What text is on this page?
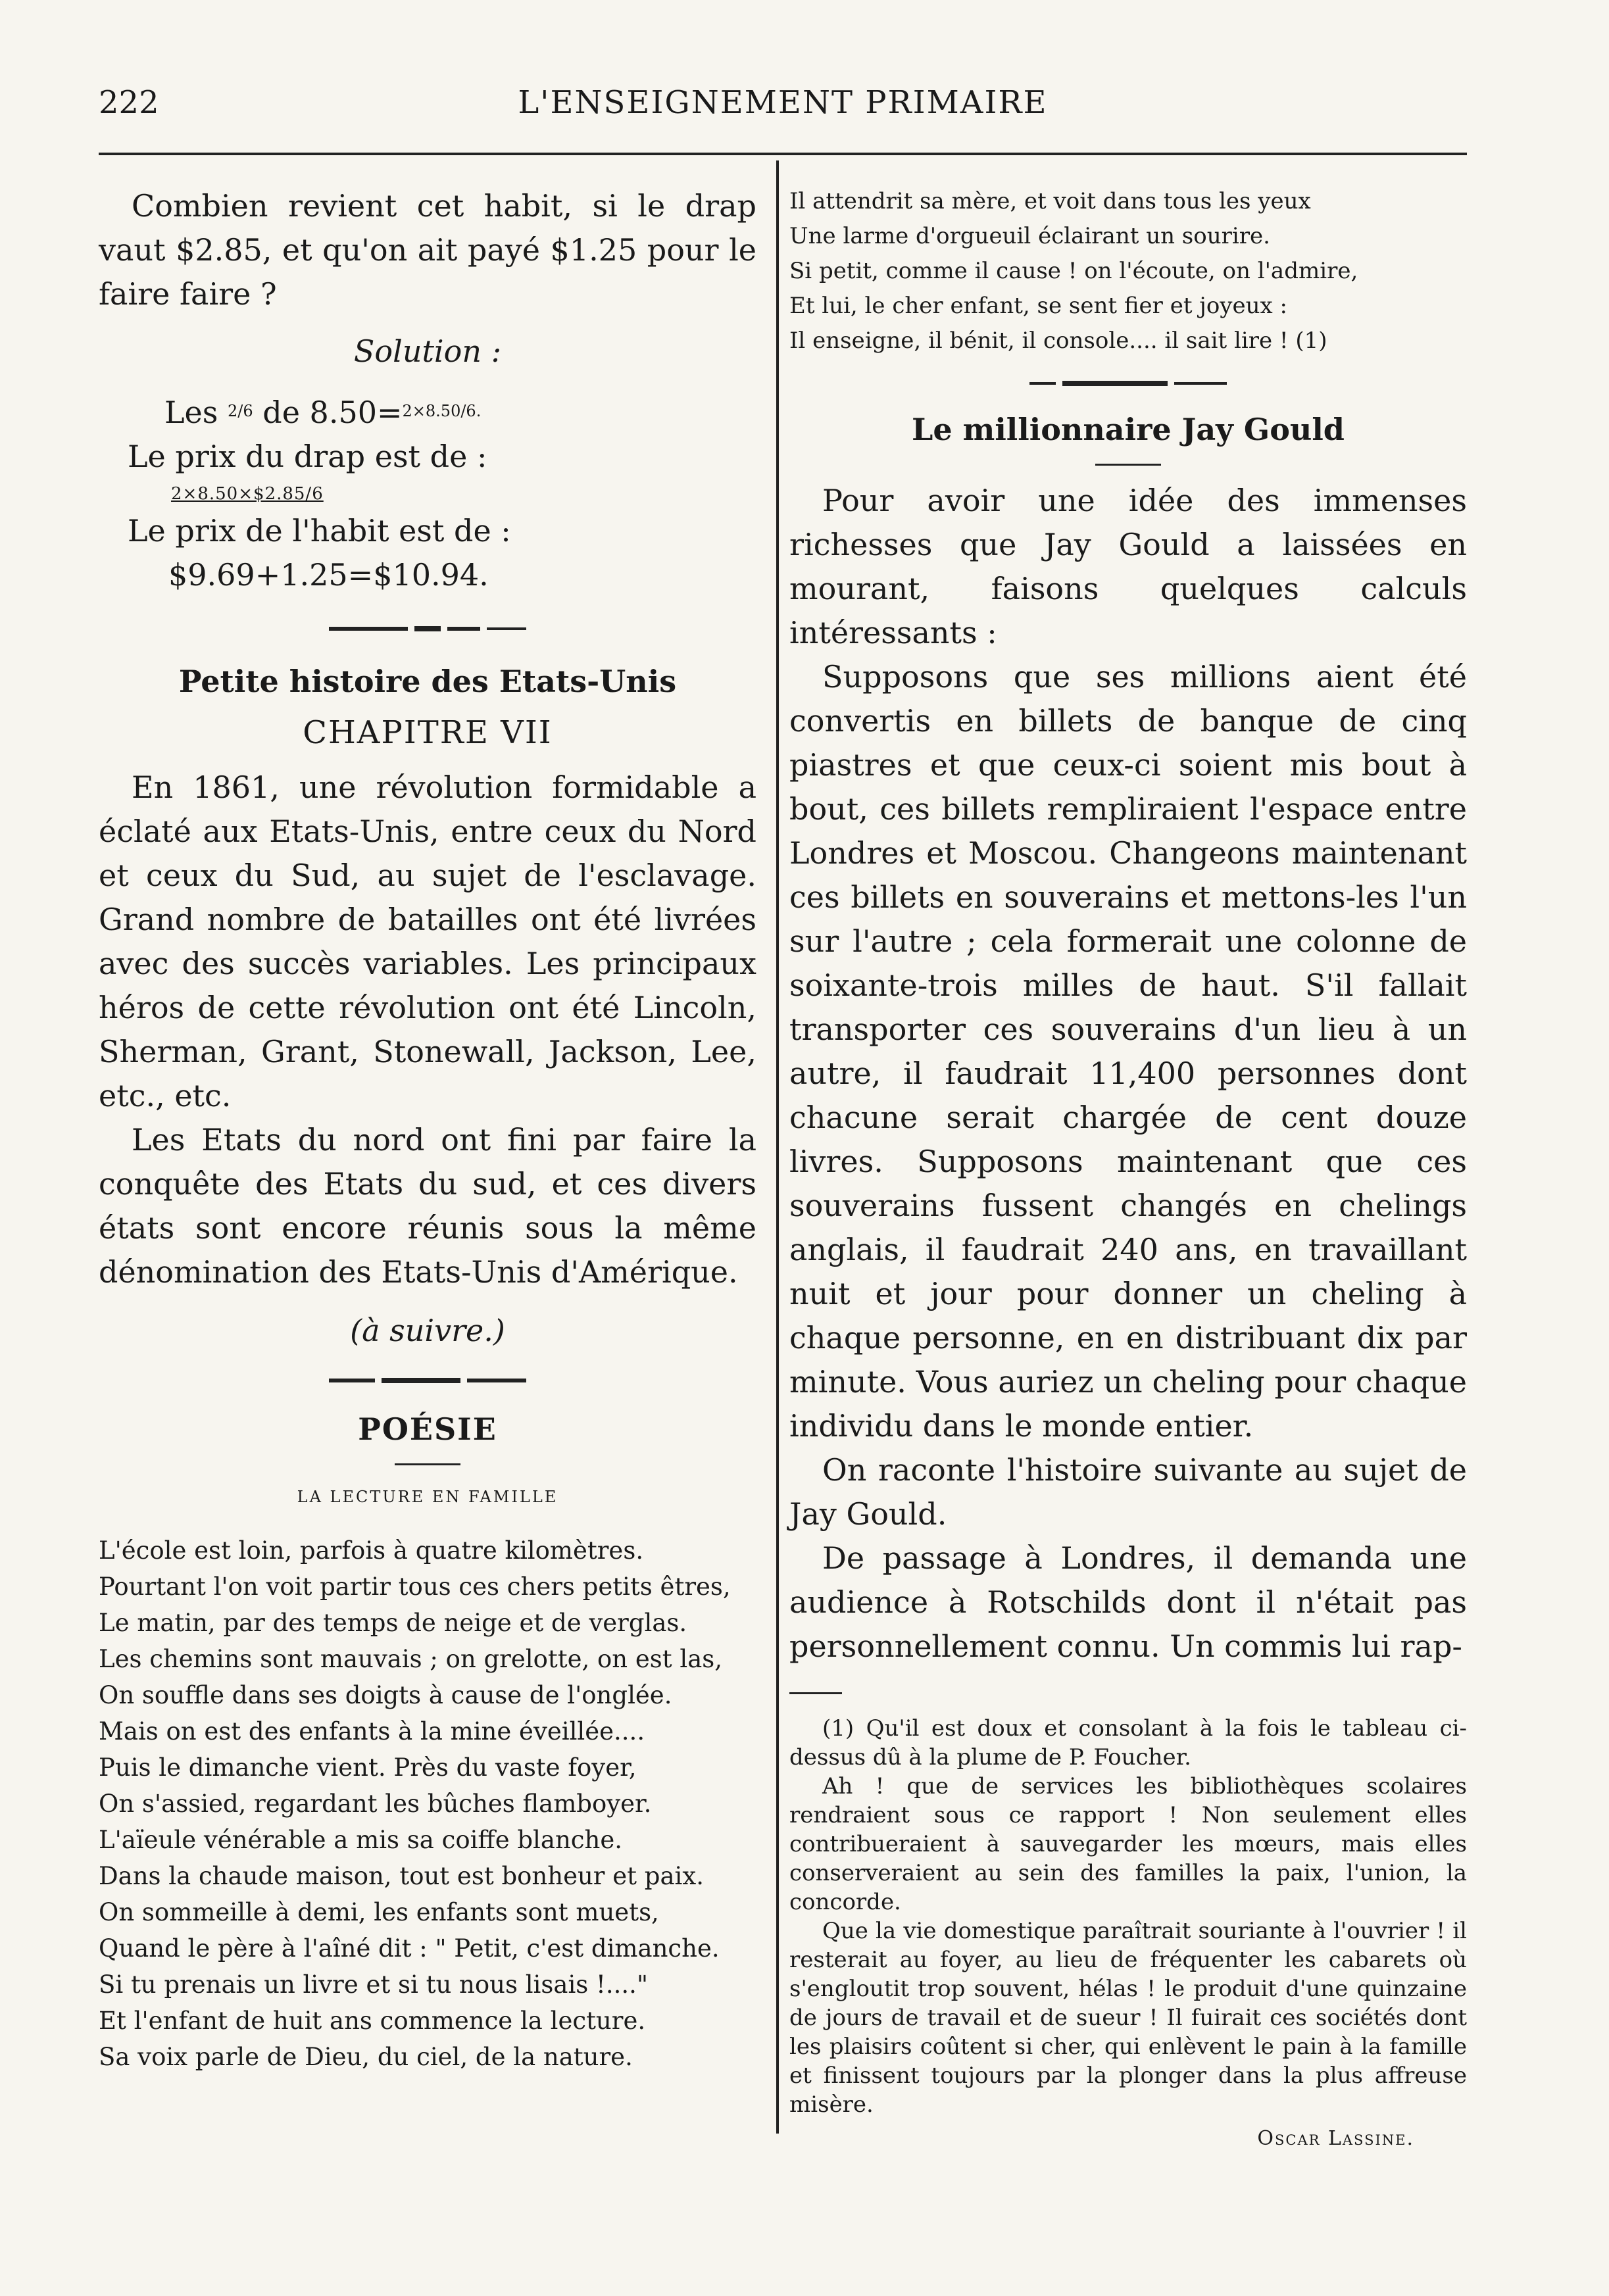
222	L'ENSEIGNEMENT PRIMAIRE

Combien revient cet habit, si le drap vaut $2.85, et qu'on ait payé $1.25 pour le faire faire ?

Solution :
Les $^{2/6}$ de 8.50=$^{2\times 8.50/6.}$
Le prix du drap est de :
2×8.50×$2.85/6
Le prix de l'habit est de :
$9.69+1.25=$10.94.
Petite histoire des Etats-Unis
CHAPITRE VII

En 1861, une révolution formidable a éclaté aux Etats-Unis, entre ceux du Nord et ceux du Sud, au sujet de l'esclavage. Grand nombre de batailles ont été livrées avec des succès variables. Les principaux héros de cette révolution ont été Lincoln, Sherman, Grant, Stonewall, Jackson, Lee, etc., etc.

Les Etats du nord ont fini par faire la conquête des Etats du sud, et ces divers états sont encore réunis sous la même dénomination des Etats-Unis d'Amérique.

(à suivre.)
POÉSIE
LA LECTURE EN FAMILLE
L'école est loin, parfois à quatre kilomètres.
Pourtant l'on voit partir tous ces chers petits êtres,
Le matin, par des temps de neige et de verglas.
Les chemins sont mauvais ; on grelotte, on est las,
On souffle dans ses doigts à cause de l'onglée.
Mais on est des enfants à la mine éveillée....
Puis le dimanche vient. Près du vaste foyer,
On s'assied, regardant les bûches flamboyer.
L'aïeule vénérable a mis sa coiffe blanche.
Dans la chaude maison, tout est bonheur et paix.
On sommeille à demi, les enfants sont muets,
Quand le père à l'aîné dit : " Petit, c'est dimanche.
Si tu prenais un livre et si tu nous lisais !...."
Et l'enfant de huit ans commence la lecture.
Sa voix parle de Dieu, du ciel, de la nature.
Il attendrit sa mère, et voit dans tous les yeux
Une larme d'orgueuil éclairant un sourire.
Si petit, comme il cause ! on l'écoute, on l'admire,
Et lui, le cher enfant, se sent fier et joyeux :
Il enseigne, il bénit, il console.... il sait lire ! (1)
Le millionnaire Jay Gould

Pour avoir une idée des immenses richesses que Jay Gould a laissées en mourant, faisons quelques calculs intéressants :

Supposons que ses millions aient été convertis en billets de banque de cinq piastres et que ceux-ci soient mis bout à bout, ces billets rempliraient l'espace entre Londres et Moscou. Changeons maintenant ces billets en souverains et mettons-les l'un sur l'autre ; cela formerait une colonne de soixante-trois milles de haut. S'il fallait transporter ces souverains d'un lieu à un autre, il faudrait 11,400 personnes dont chacune serait chargée de cent douze livres. Supposons maintenant que ces souverains fussent changés en chelings anglais, il faudrait 240 ans, en travaillant nuit et jour pour donner un cheling à chaque personne, en en distribuant dix par minute. Vous auriez un cheling pour chaque individu dans le monde entier.

On raconte l'histoire suivante au sujet de Jay Gould.

De passage à Londres, il demanda une audience à Rotschilds dont il n'était pas personnellement connu. Un commis lui rap-

(1) Qu'il est doux et consolant à la fois le tableau ci-dessus dû à la plume de P. Foucher.

Ah ! que de services les bibliothèques scolaires rendraient sous ce rapport ! Non seulement elles contribueraient à sauvegarder les mœurs, mais elles conserveraient au sein des familles la paix, l'union, la concorde.

Que la vie domestique paraîtrait souriante à l'ouvrier ! il resterait au foyer, au lieu de fréquenter les cabarets où s'engloutit trop souvent, hélas ! le produit d'une quinzaine de jours de travail et de sueur ! Il fuirait ces sociétés dont les plaisirs coûtent si cher, qui enlèvent le pain à la famille et finissent toujours par la plonger dans la plus affreuse misère.

Oscar Lassine.
